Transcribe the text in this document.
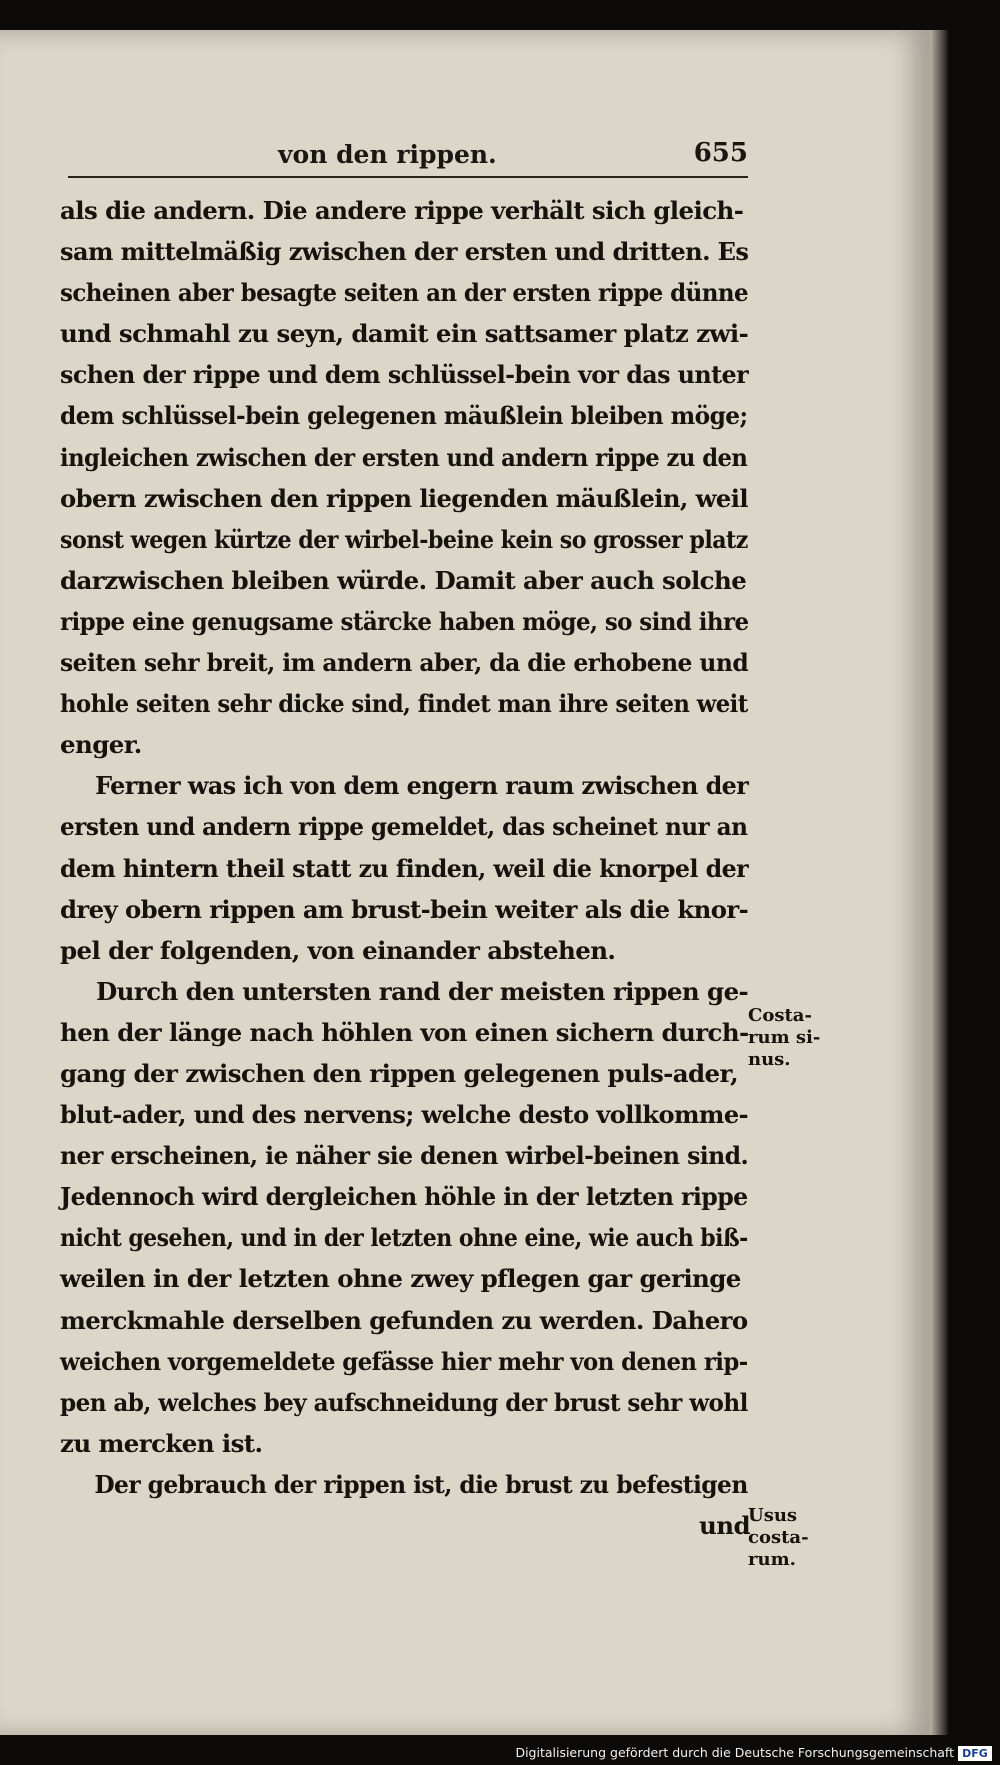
von den rippen.	655
als die andern. Die andere rippe verhält sich gleich-
sam mittelmäßig zwischen der ersten und dritten. Es
scheinen aber besagte seiten an der ersten rippe dünne
und schmahl zu seyn, damit ein sattsamer platz zwi-
schen der rippe und dem schlüssel-bein vor das unter
dem schlüssel-bein gelegenen mäußlein bleiben möge;
ingleichen zwischen der ersten und andern rippe zu den
obern zwischen den rippen liegenden mäußlein, weil
sonst wegen kürtze der wirbel-beine kein so grosser platz
darzwischen bleiben würde. Damit aber auch solche
rippe eine genugsame stärcke haben möge, so sind ihre
seiten sehr breit, im andern aber, da die erhobene und
hohle seiten sehr dicke sind, findet man ihre seiten weit
enger.
Ferner was ich von dem engern raum zwischen der
ersten und andern rippe gemeldet, das scheinet nur an
dem hintern theil statt zu finden, weil die knorpel der
drey obern rippen am brust-bein weiter als die knor-
pel der folgenden, von einander abstehen.
Durch den untersten rand der meisten rippen ge-
hen der länge nach höhlen von einen sichern durch-
gang der zwischen den rippen gelegenen puls-ader,
blut-ader, und des nervens; welche desto vollkomme-
ner erscheinen, ie näher sie denen wirbel-beinen sind.
Jedennoch wird dergleichen höhle in der letzten rippe
nicht gesehen, und in der letzten ohne eine, wie auch biß-
weilen in der letzten ohne zwey pflegen gar geringe
merckmahle derselben gefunden zu werden. Dahero
weichen vorgemeldete gefässe hier mehr von denen rip-
pen ab, welches bey aufschneidung der brust sehr wohl
zu mercken ist.
Der gebrauch der rippen ist, die brust zu befestigen
und
Costa-
rum si-
nus.
Usus
costa-
rum.
Digitalisierung gefördert durch die Deutsche Forschungsgemeinschaft DFG
